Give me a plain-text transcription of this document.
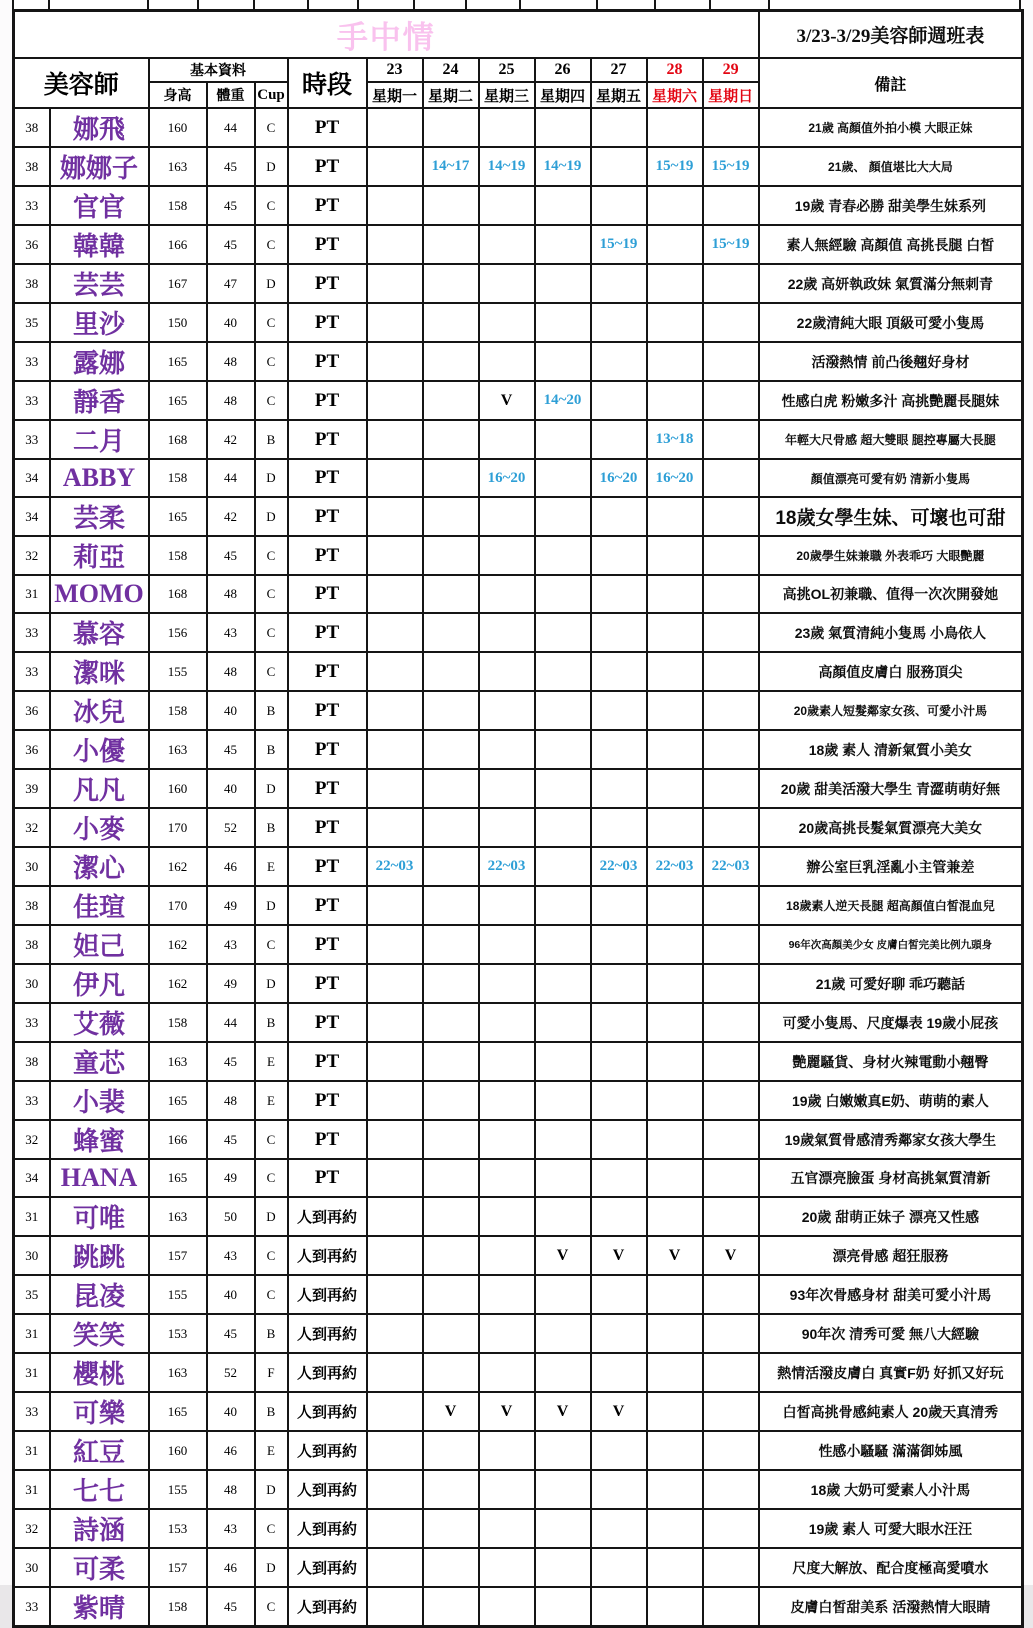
手中情													3/23-3/29美容師週班表
美容師		基本資料			時段	23	24	25	26	27	28	29	備註
		身高	體重	Cup		星期一	星期二	星期三	星期四	星期五	星期六	星期日	
38	娜飛	160	44	C	PT								21歲 高顏值外拍小模 大眼正妹
38	娜娜子	163	45	D	PT		14~17	14~19	14~19		15~19	15~19	21歲、 顏值堪比大大局
33	官官	158	45	C	PT								19歲 青春必勝 甜美學生妹系列
36	韓韓	166	45	C	PT					15~19		15~19	素人無經驗 高顏值 高挑長腿 白皙
38	芸芸	167	47	D	PT								22歲 高妍執政妹 氣質滿分無刺青
35	里沙	150	40	C	PT								22歲清純大眼 頂級可愛小隻馬
33	露娜	165	48	C	PT								活潑熱情 前凸後翹好身材
33	靜香	165	48	C	PT			V	14~20				性感白虎 粉嫩多汁 高挑艷麗長腿妹
33	二月	168	42	B	PT						13~18		年輕大尺骨感 超大雙眼 腿控專屬大長腿
34	ABBY	158	44	D	PT			16~20		16~20	16~20		顏值漂亮可愛有奶 清新小隻馬
34	芸柔	165	42	D	PT								18歲女學生妹、可壞也可甜
32	莉亞	158	45	C	PT								20歲學生妹兼職 外表乖巧 大眼艷麗
31	MOMO	168	48	C	PT								高挑OL初兼職、值得一次次開發她
33	慕容	156	43	C	PT								23歲 氣質清純小隻馬 小鳥依人
33	潔咪	155	48	C	PT								高顏值皮膚白 服務頂尖
36	冰兒	158	40	B	PT								20歲素人短髮鄰家女孩、可愛小汁馬
36	小優	163	45	B	PT								18歲 素人 清新氣質小美女
39	凡凡	160	40	D	PT								20歲 甜美活潑大學生 青澀萌萌好無
32	小麥	170	52	B	PT								20歲高挑長髮氣質漂亮大美女
30	潔心	162	46	E	PT	22~03		22~03		22~03	22~03	22~03	辦公室巨乳淫亂小主管兼差
38	佳瑄	170	49	D	PT								18歲素人逆天長腿 超高顏值白皙混血兒
38	妲己	162	43	C	PT								96年次高顏美少女 皮膚白皙完美比例九頭身
30	伊凡	162	49	D	PT								21歲 可愛好聊 乖巧聽話
33	艾薇	158	44	B	PT								可愛小隻馬、尺度爆表 19歲小屁孩
38	童芯	163	45	E	PT								艷麗騷貨、身材火辣電動小翹臀
33	小裴	165	48	E	PT								19歲 白嫩嫩真E奶、萌萌的素人
32	蜂蜜	166	45	C	PT								19歲氣質骨感清秀鄰家女孩大學生
34	HANA	165	49	C	PT								五官漂亮臉蛋 身材高挑氣質清新
31	可唯	163	50	D	人到再約								20歲 甜萌正妹子 漂亮又性感
30	跳跳	157	43	C	人到再約				V	V	V	V	漂亮骨感 超狂服務
35	昆凌	155	40	C	人到再約								93年次骨感身材 甜美可愛小汁馬
31	笑笑	153	45	B	人到再約								90年次 清秀可愛 無八大經驗
31	櫻桃	163	52	F	人到再約								熱情活潑皮膚白 真實F奶 好抓又好玩
33	可樂	165	40	B	人到再約		V	V	V	V			白皙高挑骨感純素人 20歲天真清秀
31	紅豆	160	46	E	人到再約								性感小騷騷 滿滿御姊風
31	七七	155	48	D	人到再約								18歲 大奶可愛素人小汁馬
32	詩涵	153	43	C	人到再約								19歲 素人 可愛大眼水汪汪
30	可柔	157	46	D	人到再約								尺度大解放、配合度極高愛噴水
33	紫晴	158	45	C	人到再約								皮膚白皙甜美系 活潑熱情大眼睛
